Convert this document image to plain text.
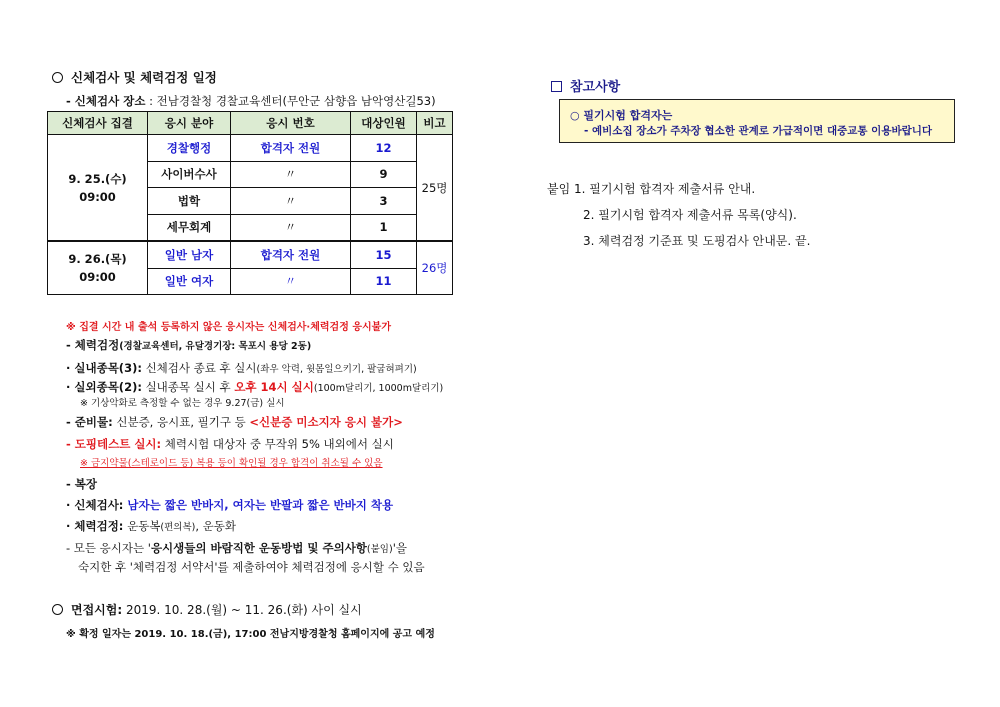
신체검사 및 체력검정 일정
- 신체검사 장소 : 전남경찰청 경찰교육센터(무안군 삼향읍 남악영산길53)
신체검사 집결	응시 분야	응시 번호	대상인원	비고

9. 25.(수)
09:00	경찰행정	합격자 전원	12	25명
	사이버수사	〃	9	
	법학	〃	3	
	세무회계	〃	1	

9. 26.(목)
09:00	일반 남자	합격자 전원	15	26명
	일반 여자	〃	11	
※ 집결 시간 내 출석 등록하지 않은 응시자는 신체검사·체력검정 응시불가
- 체력검정(경찰교육센터, 유달경기장: 목포시 용당 2동)
· 실내종목(3): 신체검사 종료 후 실시(좌우 악력, 윗몸일으키기, 팔굽혀펴기)
· 실외종목(2): 실내종목 실시 후 오후 14시 실시(100m달리기, 1000m달리기)
※ 기상악화로 측정할 수 없는 경우 9.27(금) 실시
- 준비물: 신분증, 응시표, 필기구 등 <신분증 미소지자 응시 불가>
- 도핑테스트 실시: 체력시험 대상자 중 무작위 5% 내외에서 실시
※ 금지약물(스테로이드 등) 복용 등이 확인될 경우 합격이 취소될 수 있음
- 복장
· 신체검사: 남자는 짧은 반바지, 여자는 반팔과 짧은 반바지 착용
· 체력검정: 운동복(편의복), 운동화
- 모든 응시자는 '응시생들의 바람직한 운동방법 및 주의사항(붙임)'을
숙지한 후 '체력검정 서약서'를 제출하여야 체력검정에 응시할 수 있음
면접시험: 2019. 10. 28.(월) ~ 11. 26.(화) 사이 실시
※ 확정 일자는 2019. 10. 18.(금), 17:00 전남지방경찰청 홈페이지에 공고 예정
참고사항
○ 필기시험 합격자는
- 예비소집 장소가 주차장 협소한 관계로 가급적이면 대중교통 이용바랍니다
붙임 1. 필기시험 합격자 제출서류 안내.
2. 필기시험 합격자 제출서류 목록(양식).
3. 체력검정 기준표 및 도핑검사 안내문. 끝.
